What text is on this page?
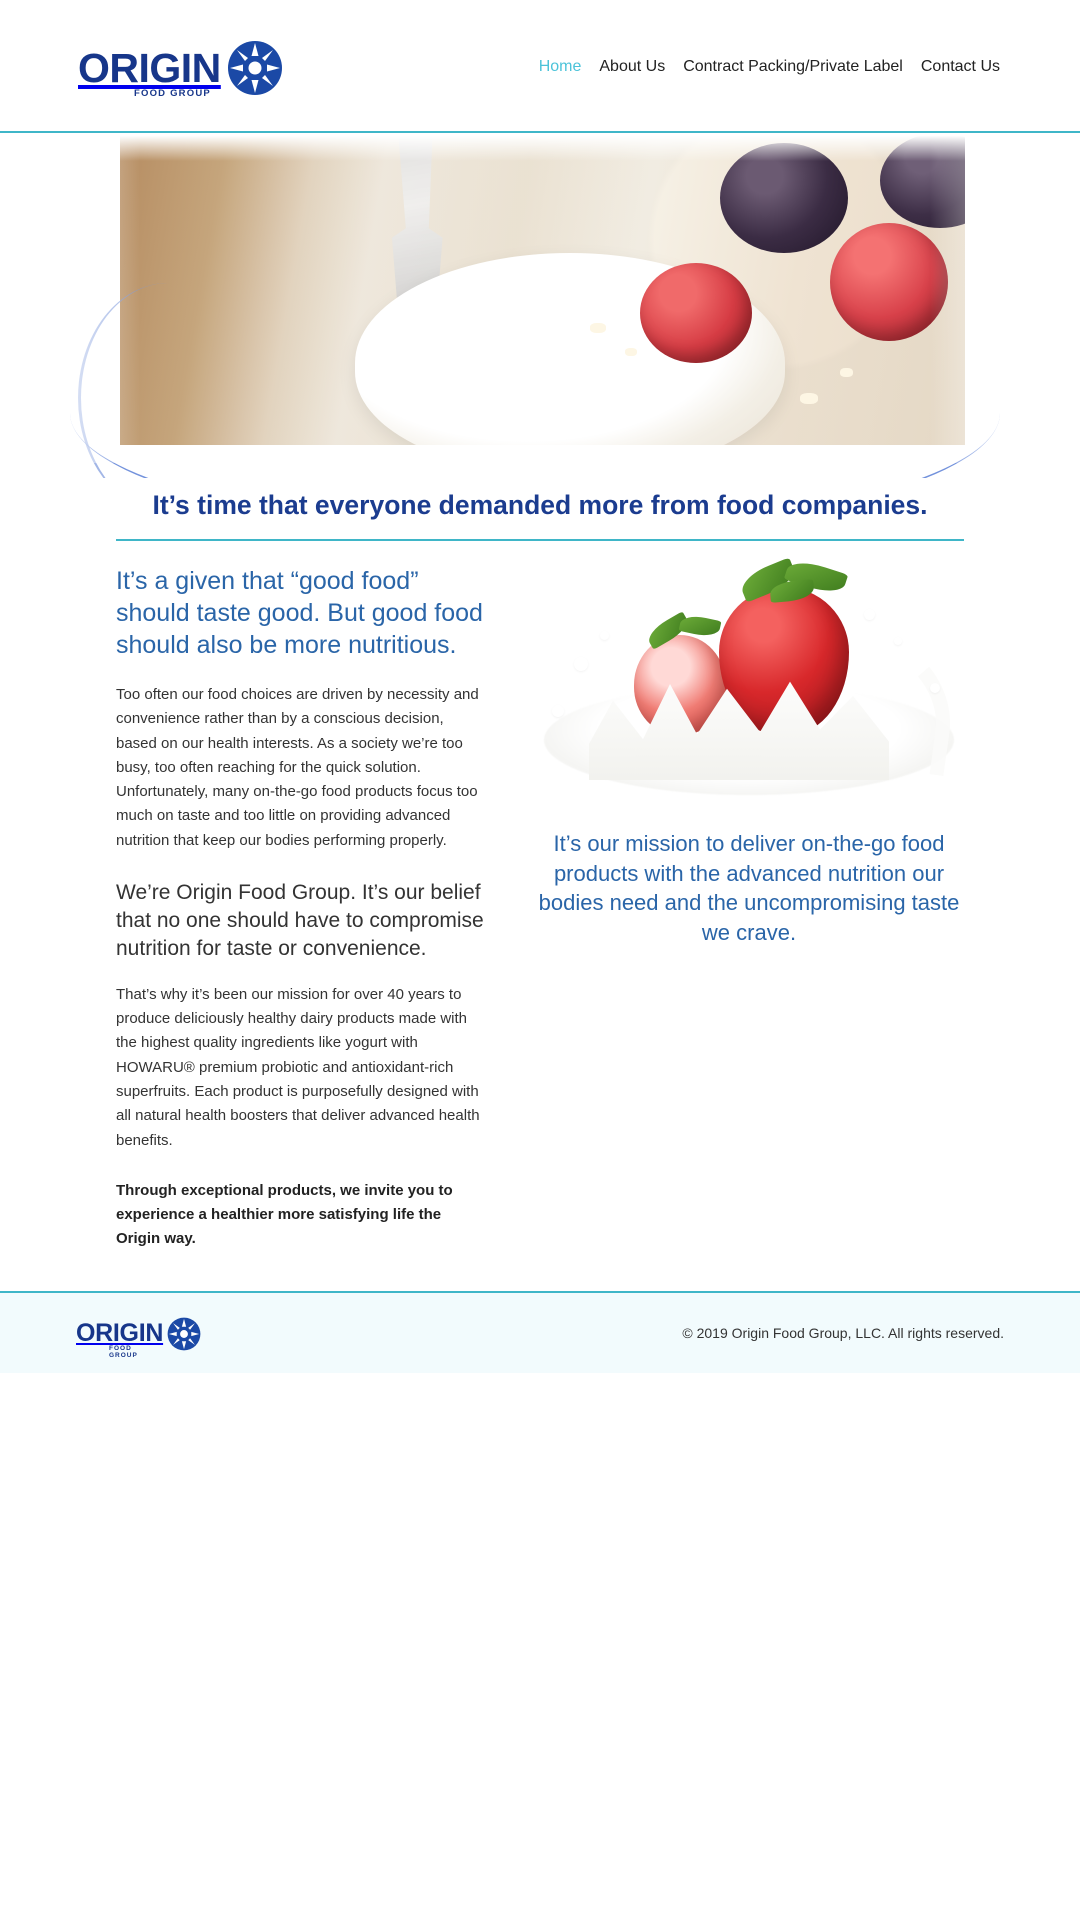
ORIGIN
FOOD GROUP
Home About Us Contract Packing/Private Label Contact Us
It’s time that everyone demanded more from food companies.

It’s a given that “good food” should taste good. But good food should also be more nutritious.

Too often our food choices are driven by necessity and convenience rather than by a conscious decision, based on our health interests. As a society we’re too busy, too often reaching for the quick solution. Unfortunately, many on-the-go food products focus too much on taste and too little on providing advanced nutrition that keep our bodies performing properly.

We’re Origin Food Group. It’s our belief that no one should have to compromise nutrition for taste or convenience.

That’s why it’s been our mission for over 40 years to produce deliciously healthy dairy products made with the highest quality ingredients like yogurt with HOWARU® premium probiotic and antioxidant-rich superfruits. Each product is purposefully designed with all natural health boosters that deliver advanced health benefits.

Through exceptional products, we invite you to experience a healthier more satisfying life the Origin way.

It’s our mission to deliver on-the-go food products with the advanced nutrition our bodies need and the uncompromising taste we crave.

ORIGIN
FOOD GROUP
© 2019 Origin Food Group, LLC. All rights reserved.
